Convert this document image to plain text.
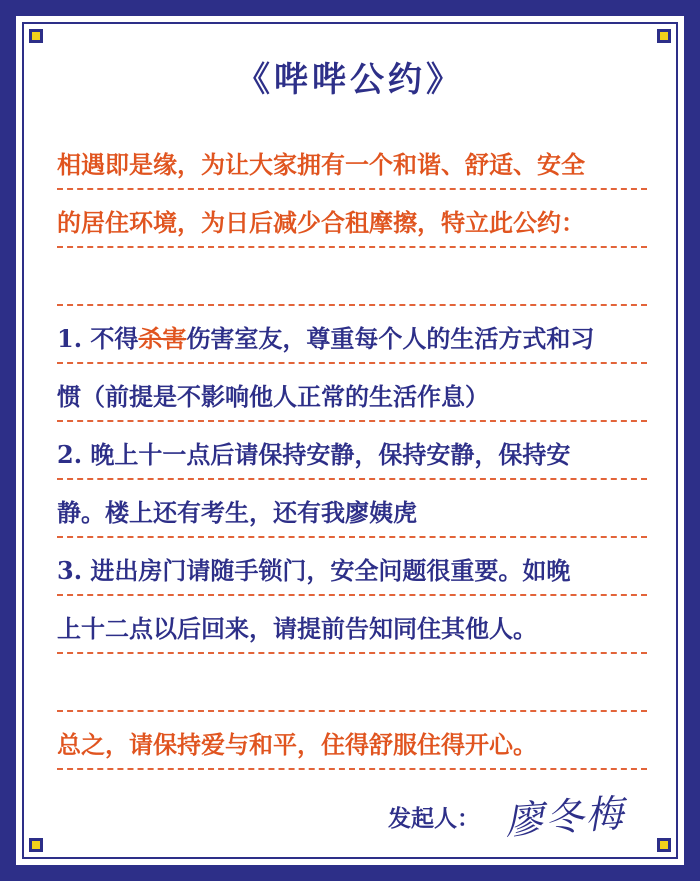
《哔哔公约》
相遇即是缘，为让大家拥有一个和谐、舒适、安全
的居住环境，为日后减少合租摩擦，特立此公约：
1. 不得杀害伤害室友，尊重每个人的生活方式和习
惯（前提是不影响他人正常的生活作息）
2. 晚上十一点后请保持安静，保持安静，保持安
静。楼上还有考生，还有我廖姨虎
3. 进出房门请随手锁门，安全问题很重要。如晚
上十二点以后回来，请提前告知同住其他人。
总之，请保持爱与和平，住得舒服住得开心。
发起人： 廖冬梅
